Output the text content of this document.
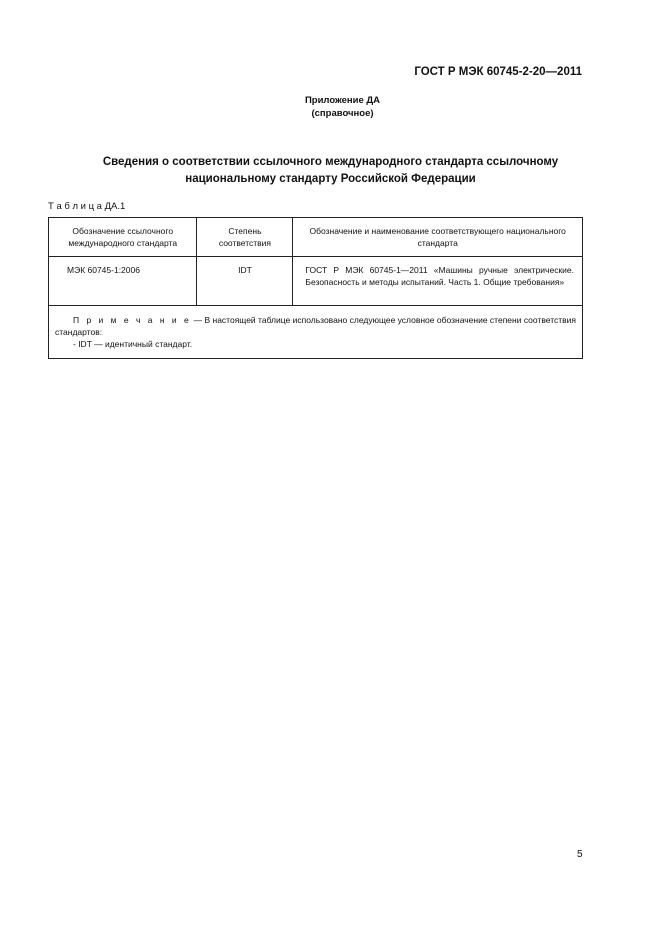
ГОСТ Р МЭК 60745-2-20—2011
Приложение ДА
(справочное)
Сведения о соответствии ссылочного международного стандарта ссылочному
национальному стандарту Российской Федерации
Т а б л и ц а ДА.1
Обозначение ссылочного международного стандарта	Степень соответствия	Обозначение и наименование соответствующего национального стандарта
МЭК 60745-1:2006	IDT	ГОСТ Р МЭК 60745-1—2011 «Машины ручные электрические. Безопасность и методы испытаний. Часть 1. Общие требования»

П р и м е ч а н и е — В настоящей таблице использовано следующее условное обозначение степени соответствия стандартов:
- IDT — идентичный стандарт.		
5
